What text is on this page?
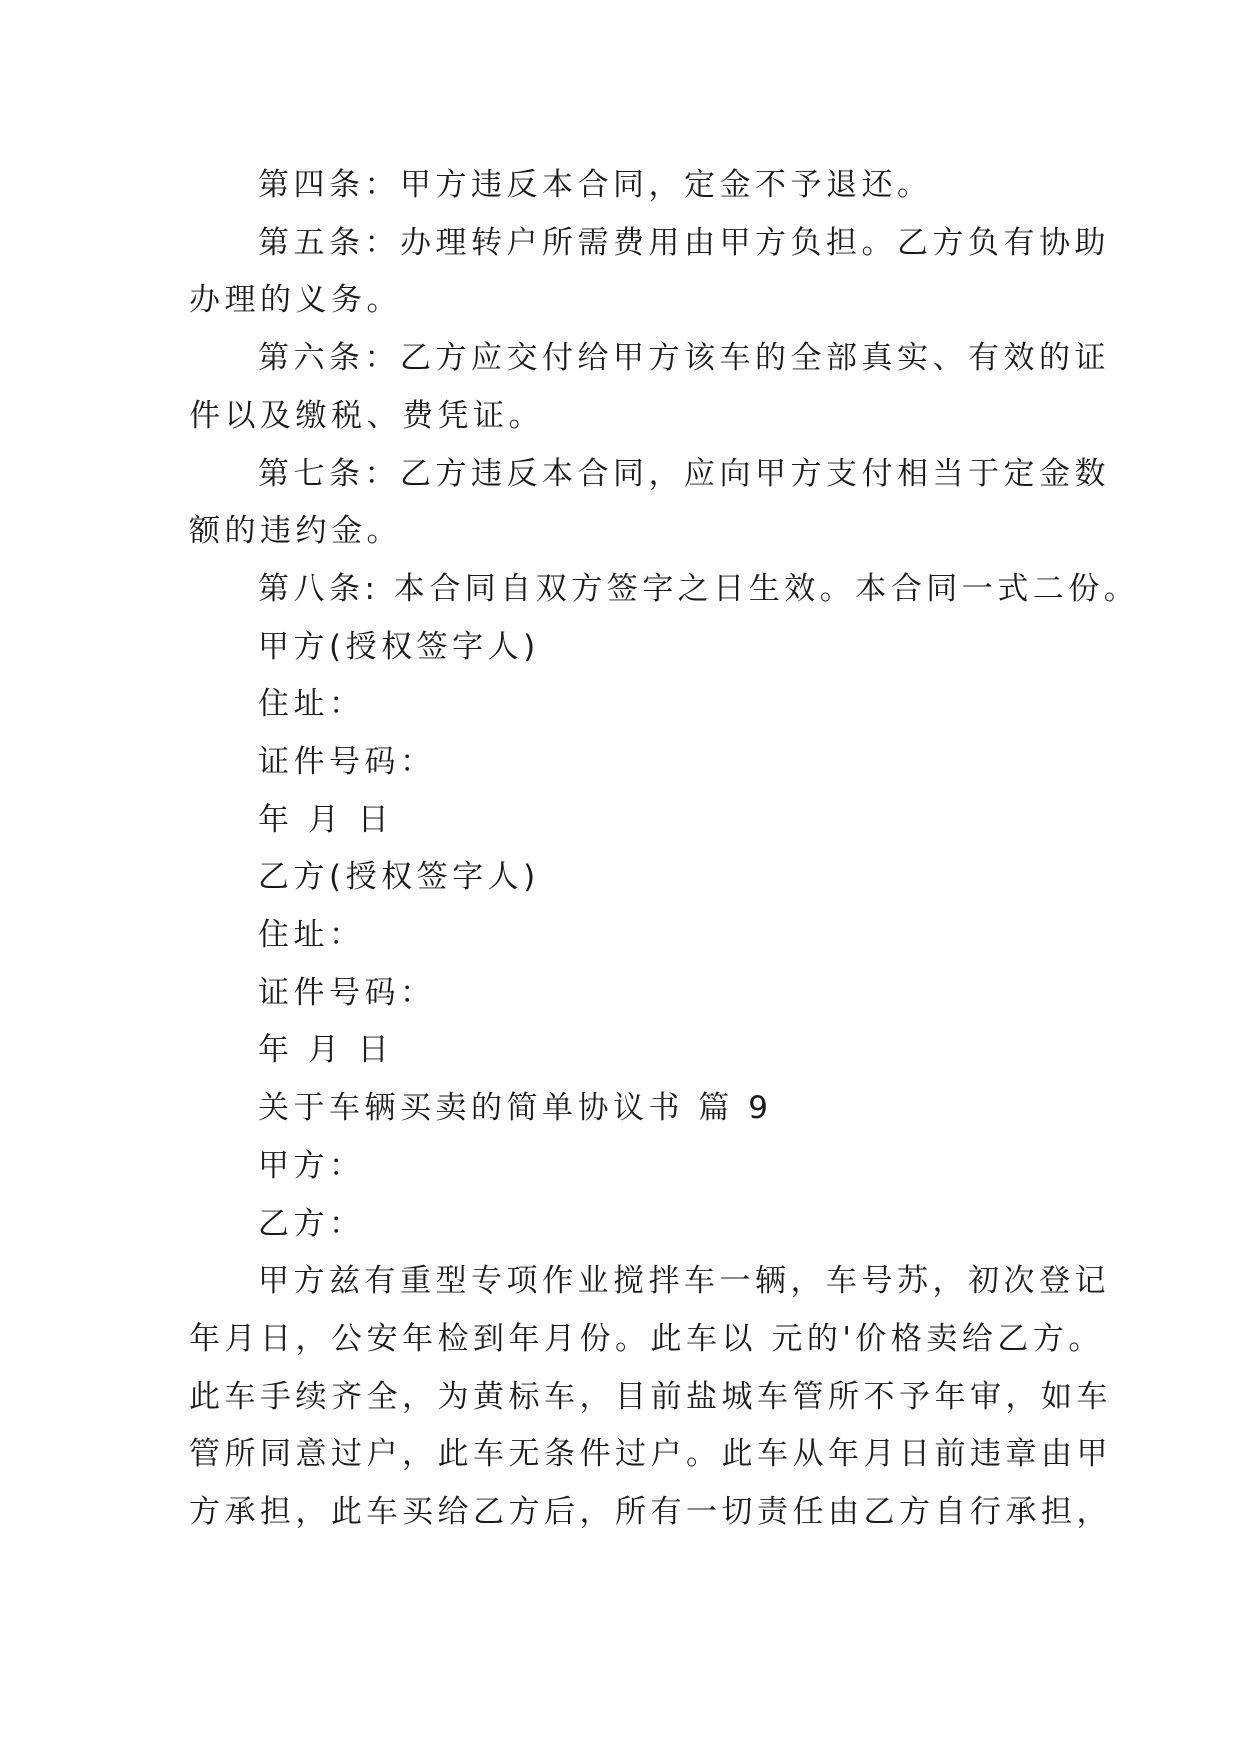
第四条：甲方违反本合同，定金不予退还。
第五条：办理转户所需费用由甲方负担。乙方负有协助
办理的义务。
第六条：乙方应交付给甲方该车的全部真实、有效的证
件以及缴税、费凭证。
第七条：乙方违反本合同，应向甲方支付相当于定金数
额的违约金。
第八条: 本合同自双方签字之日生效。本合同一式二份。
甲方(授权签字人)
住址：
证件号码：
年 月 日
乙方(授权签字人)
住址：
证件号码：
年 月 日
关于车辆买卖的简单协议书 篇 9
甲方：
乙方：
甲方兹有重型专项作业搅拌车一辆，车号苏，初次登记
年月日，公安年检到年月份。此车以 元的'价格卖给乙方。
此车手续齐全，为黄标车，目前盐城车管所不予年审，如车
管所同意过户，此车无条件过户。此车从年月日前违章由甲
方承担，此车买给乙方后，所有一切责任由乙方自行承担，
